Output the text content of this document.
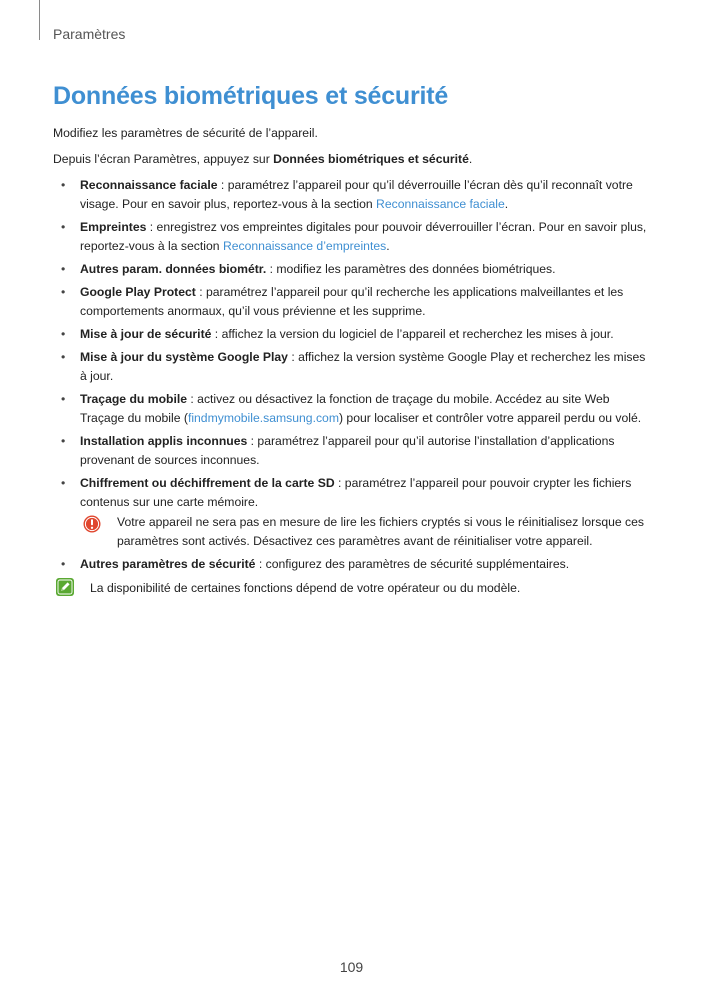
Paramètres
Données biométriques et sécurité

Modifiez les paramètres de sécurité de l’appareil.

Depuis l’écran Paramètres, appuyez sur Données biométriques et sécurité.

• Reconnaissance faciale : paramétrez l’appareil pour qu’il déverrouille l’écran dès qu’il reconnaît votre visage. Pour en savoir plus, reportez-vous à la section Reconnaissance faciale.
• Empreintes : enregistrez vos empreintes digitales pour pouvoir déverrouiller l’écran. Pour en savoir plus, reportez-vous à la section Reconnaissance d’empreintes.
• Autres param. données biométr. : modifiez les paramètres des données biométriques.
• Google Play Protect : paramétrez l’appareil pour qu’il recherche les applications malveillantes et les comportements anormaux, qu’il vous prévienne et les supprime.
• Mise à jour de sécurité : affichez la version du logiciel de l’appareil et recherchez les mises à jour.
• Mise à jour du système Google Play : affichez la version système Google Play et recherchez les mises à jour.
• Traçage du mobile : activez ou désactivez la fonction de traçage du mobile. Accédez au site Web Traçage du mobile (findmymobile.samsung.com) pour localiser et contrôler votre appareil perdu ou volé.
• Installation applis inconnues : paramétrez l’appareil pour qu’il autorise l’installation d’applications provenant de sources inconnues.
• Chiffrement ou déchiffrement de la carte SD : paramétrez l’appareil pour pouvoir crypter les fichiers contenus sur une carte mémoire.
Votre appareil ne sera pas en mesure de lire les fichiers cryptés si vous le réinitialisez lorsque ces paramètres sont activés. Désactivez ces paramètres avant de réinitialiser votre appareil.
• Autres paramètres de sécurité : configurez des paramètres de sécurité supplémentaires.
La disponibilité de certaines fonctions dépend de votre opérateur ou du modèle.
109
